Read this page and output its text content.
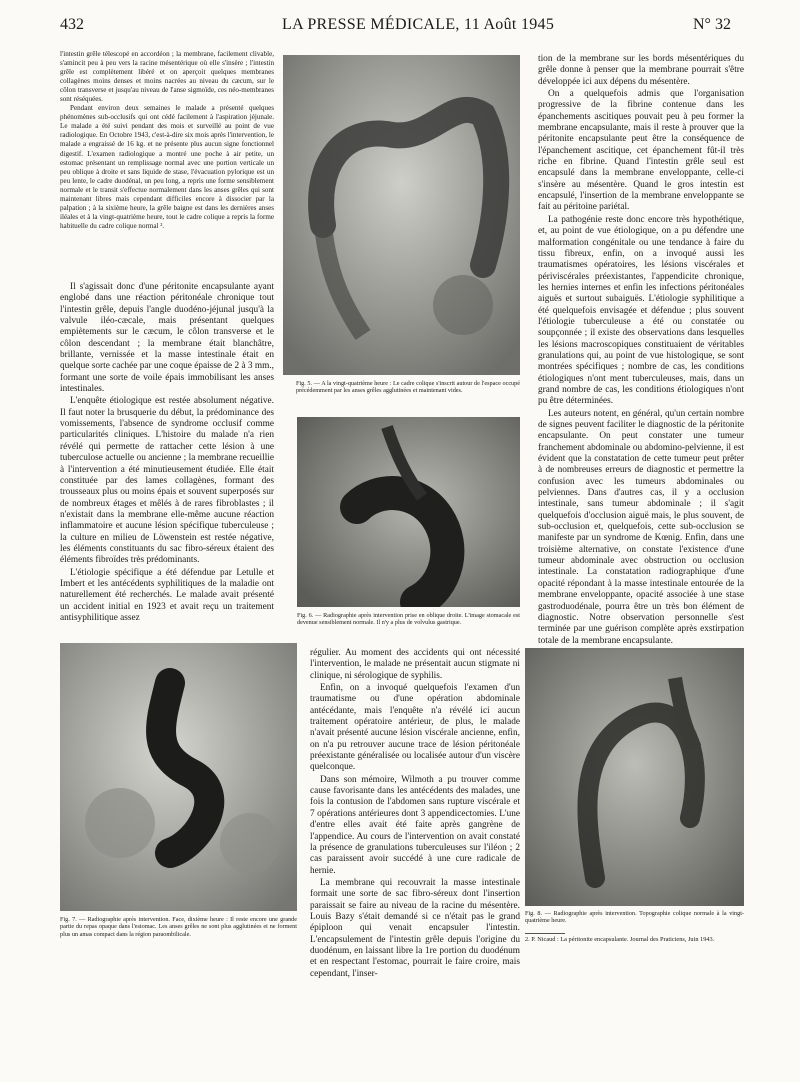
432	LA PRESSE MÉDICALE, 11 Août 1945	N° 32

l'intestin grêle télescopé en accordéon ; la membrane, facilement clivable, s'amincit peu à peu vers la racine mésentérique où elle s'insère ; l'intestin grêle est complètement libéré et on aperçoit quelques membranes collagènes moins denses et moins nacrées au niveau du cæcum, sur le côlon transverse et jusqu'au niveau de l'anse sigmoïde, ces néo-membranes sont réséquées.

Pendant environ deux semaines le malade a présenté quelques phénomènes sub-occlusifs qui ont cédé facilement à l'aspiration jéjunale. Le malade a été suivi pendant des mois et surveillé au point de vue radiologique. En Octobre 1943, c'est-à-dire six mois après l'intervention, le malade a engraissé de 16 kg. et ne présente plus aucun signe fonctionnel digestif. L'examen radiologique a montré une poche à air petite, un estomac présentant un remplissage normal avec une portion verticale un peu oblique à droite et sans liquide de stase, l'évacuation pylorique est un peu lente, le cadre duodénal, un peu long, a repris une forme sensiblement normale et le transit s'effectue normalement dans les anses grêles qui sont maintenant libres mais cependant difficiles encore à dissocier par la palpation ; à la sixième heure, la grêle baigne est dans les dernières anses iléales et à la vingt-quatrième heure, tout le cadre colique a repris la forme habituelle du cadre colique normal ².

Il s'agissait donc d'une péritonite encapsulante ayant englobé dans une réaction péritonéale chronique tout l'intestin grêle, depuis l'angle duodéno-jéjunal jusqu'à la valvule iléo-cæcale, mais présentant quelques empiètements sur le cæcum, le côlon transverse et le côlon descendant ; la membrane était blanchâtre, brillante, vernissée et la masse intestinale était en quelque sorte cachée par une coque épaisse de 2 à 3 mm., formant une sorte de voile épais immobilisant les anses intestinales.

L'enquête étiologique est restée absolument négative. Il faut noter la brusquerie du début, la prédominance des vomissements, l'absence de syndrome occlusif comme particularités cliniques. L'histoire du malade n'a rien révélé qui permette de rattacher cette lésion à une tuberculose actuelle ou ancienne ; la membrane recueillie à l'intervention a été minutieusement étudiée. Elle était constituée par des lames collagènes, formant des trousseaux plus ou moins épais et souvent superposés sur de nombreux étages et mêlés à de rares fibroblastes ; il n'existait dans la membrane elle-même aucune réaction inflammatoire et aucune lésion spécifique tuberculeuse ; la culture en milieu de Löwenstein est restée négative, les éléments constituants du sac fibro-séreux étaient des éléments fibroïdes très prédominants.

L'étiologie spécifique a été défendue par Letulle et Imbert et les antécédents syphilitiques de la maladie ont naturellement été recherchés. Le malade avait présenté un accident initial en 1923 et avait reçu un traitement antisyphilitique assez

Fig. 5. — A la vingt-quatrième heure : Le cadre colique s'inscrit autour de l'espace occupé précédemment par les anses grêles agglutinées et maintenant vides.
Fig. 6. — Radiographie après intervention prise en oblique droite. L'image stomacale est devenue sensiblement normale. Il n'y a plus de volvulus gastrique.

tion de la membrane sur les bords mésentériques du grêle donne à penser que la membrane pourrait s'être développée ici aux dépens du mésentère.

On a quelquefois admis que l'organisation progressive de la fibrine contenue dans les épanchements ascitiques pouvait peu à peu former la membrane encapsulante, mais il reste à prouver que la péritonite encapsulante peut être la conséquence de l'épanchement ascitique, cet épanchement fût-il très riche en fibrine. Quand l'intestin grêle seul est encapsulé dans la membrane enveloppante, celle-ci s'insère au mésentère. Quand le gros intestin est encapsulé, l'insertion de la membrane enveloppante se fait au péritoine pariétal.

La pathogénie reste donc encore très hypothétique, et, au point de vue étiologique, on a pu défendre une malformation congénitale ou une tendance à faire du tissu fibreux, enfin, on a invoqué aussi les traumatismes opératoires, les lésions viscérales et périviscérales préexistantes, l'appendicite chronique, les hernies internes et enfin les infections péritonéales aiguës et surtout subaiguës. L'étiologie syphilitique a été quelquefois envisagée et défendue ; plus souvent l'étiologie tuberculeuse a été ou constatée ou soupçonnée ; il existe des observations dans lesquelles les lésions macroscopiques constituaient de véritables granulations qui, au point de vue histologique, se sont montrées spécifiques ; nombre de cas, les conditions étiologiques n'ont ment tuberculeuses, mais, dans un grand nombre de cas, les conditions étiologiques n'ont pu être déterminées.

Les auteurs notent, en général, qu'un certain nombre de signes peuvent faciliter le diagnostic de la péritonite encapsulante. On peut constater une tumeur franchement abdominale ou abdomino-pelvienne, il est évident que la constatation de cette tumeur peut prêter à de nombreuses erreurs de diagnostic et permettre la confusion avec les tumeurs abdominales ou pelviennes. Dans d'autres cas, il y a occlusion intestinale, sans tumeur abdominale ; il s'agit quelquefois d'occlusion aiguë mais, le plus souvent, de sub-occlusion et, quelquefois, cette sub-occlusion se manifeste par un syndrome de Kœnig. Enfin, dans une troisième alternative, on constate l'existence d'une tumeur abdominale avec obstruction ou occlusion intestinale. La constatation radiographique d'une opacité répondant à la masse intestinale entourée de la membrane enveloppante, opacité associée à une stase gastroduodénale, pourra être un très bon élément de diagnostic. Notre observation personnelle s'est terminée par une guérison complète après exstirpation totale de la membrane encapsulante.

Fig. 7. — Radiographie après intervention. Face, dixième heure : Il reste encore une grande partie du repas opaque dans l'estomac. Les anses grêles ne sont plus agglutinées et ne forment plus un amas compact dans la région paraombilicale.

régulier. Au moment des accidents qui ont nécessité l'intervention, le malade ne présentait aucun stigmate ni clinique, ni sérologique de syphilis.

Enfin, on a invoqué quelquefois l'examen d'un traumatisme ou d'une opération abdominale antécédante, mais l'enquête n'a révélé ici aucun traitement opératoire antérieur, de plus, le malade n'avait présenté aucune lésion viscérale ancienne, enfin, on n'a pu retrouver aucune trace de lésion péritonéale préexistante généralisée ou localisée autour d'un viscère quelconque.

Dans son mémoire, Wilmoth a pu trouver comme cause favorisante dans les antécédents des malades, une fois la contusion de l'abdomen sans rupture viscérale et 7 opérations antérieures dont 3 appendicectomies. L'une d'entre elles avait été faite après gangrène de l'appendice. Au cours de l'intervention on avait constaté la présence de granulations tuberculeuses sur l'iléon ; 2 cas paraissent avoir succédé à une cure radicale de hernie.

La membrane qui recouvrait la masse intestinale formait une sorte de sac fibro-séreux dont l'insertion paraissait se faire au niveau de la racine du mésentère. Louis Bazy s'était demandé si ce n'était pas le grand épiploon qui venait encapsuler l'intestin. L'encapsulement de l'intestin grêle depuis l'origine du duodénum, en laissant libre la 1re portion du duodénum et en respectant l'estomac, pourrait le faire croire, mais cependant, l'inser-

Fig. 8. — Radiographie après intervention. Topographie colique normale à la vingt-quatrième heure.
2. P. Nicaud : La péritonite encapsulante. Journal des Praticiens, Juin 1943.
